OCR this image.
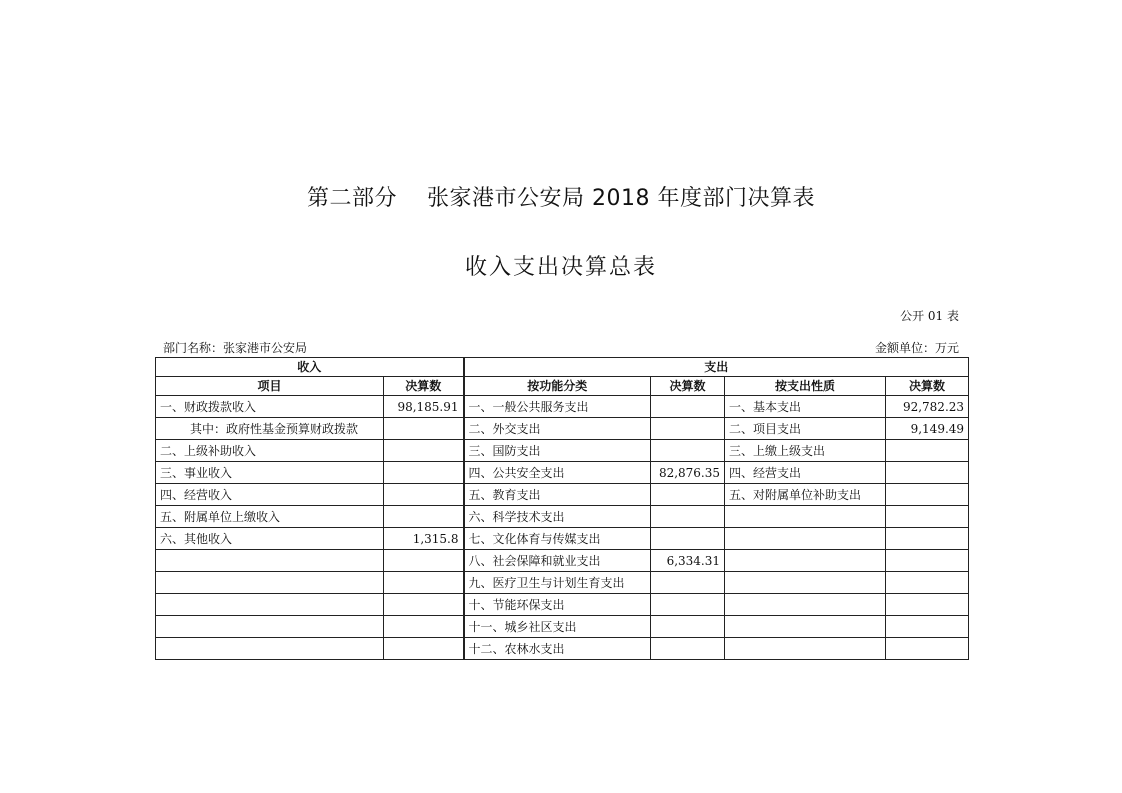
第二部分    张家港市公安局 2018 年度部门决算表
收入支出决算总表
公开 01 表
部门名称：张家港市公安局	金额单位：万元
收入		支出			
项目	决算数	按功能分类	决算数	按支出性质	决算数
一、财政拨款收入	98,185.91	一、一般公共服务支出		一、基本支出	92,782.23
其中：政府性基金预算财政拨款		二、外交支出		二、项目支出	9,149.49
二、上级补助收入		三、国防支出		三、上缴上级支出	
三、事业收入		四、公共安全支出	82,876.35	四、经营支出	
四、经营收入		五、教育支出		五、对附属单位补助支出	
五、附属单位上缴收入		六、科学技术支出			
六、其他收入	1,315.8	七、文化体育与传媒支出			
		八、社会保障和就业支出	6,334.31		
		九、医疗卫生与计划生育支出			
		十、节能环保支出			
		十一、城乡社区支出			
		十二、农林水支出			
